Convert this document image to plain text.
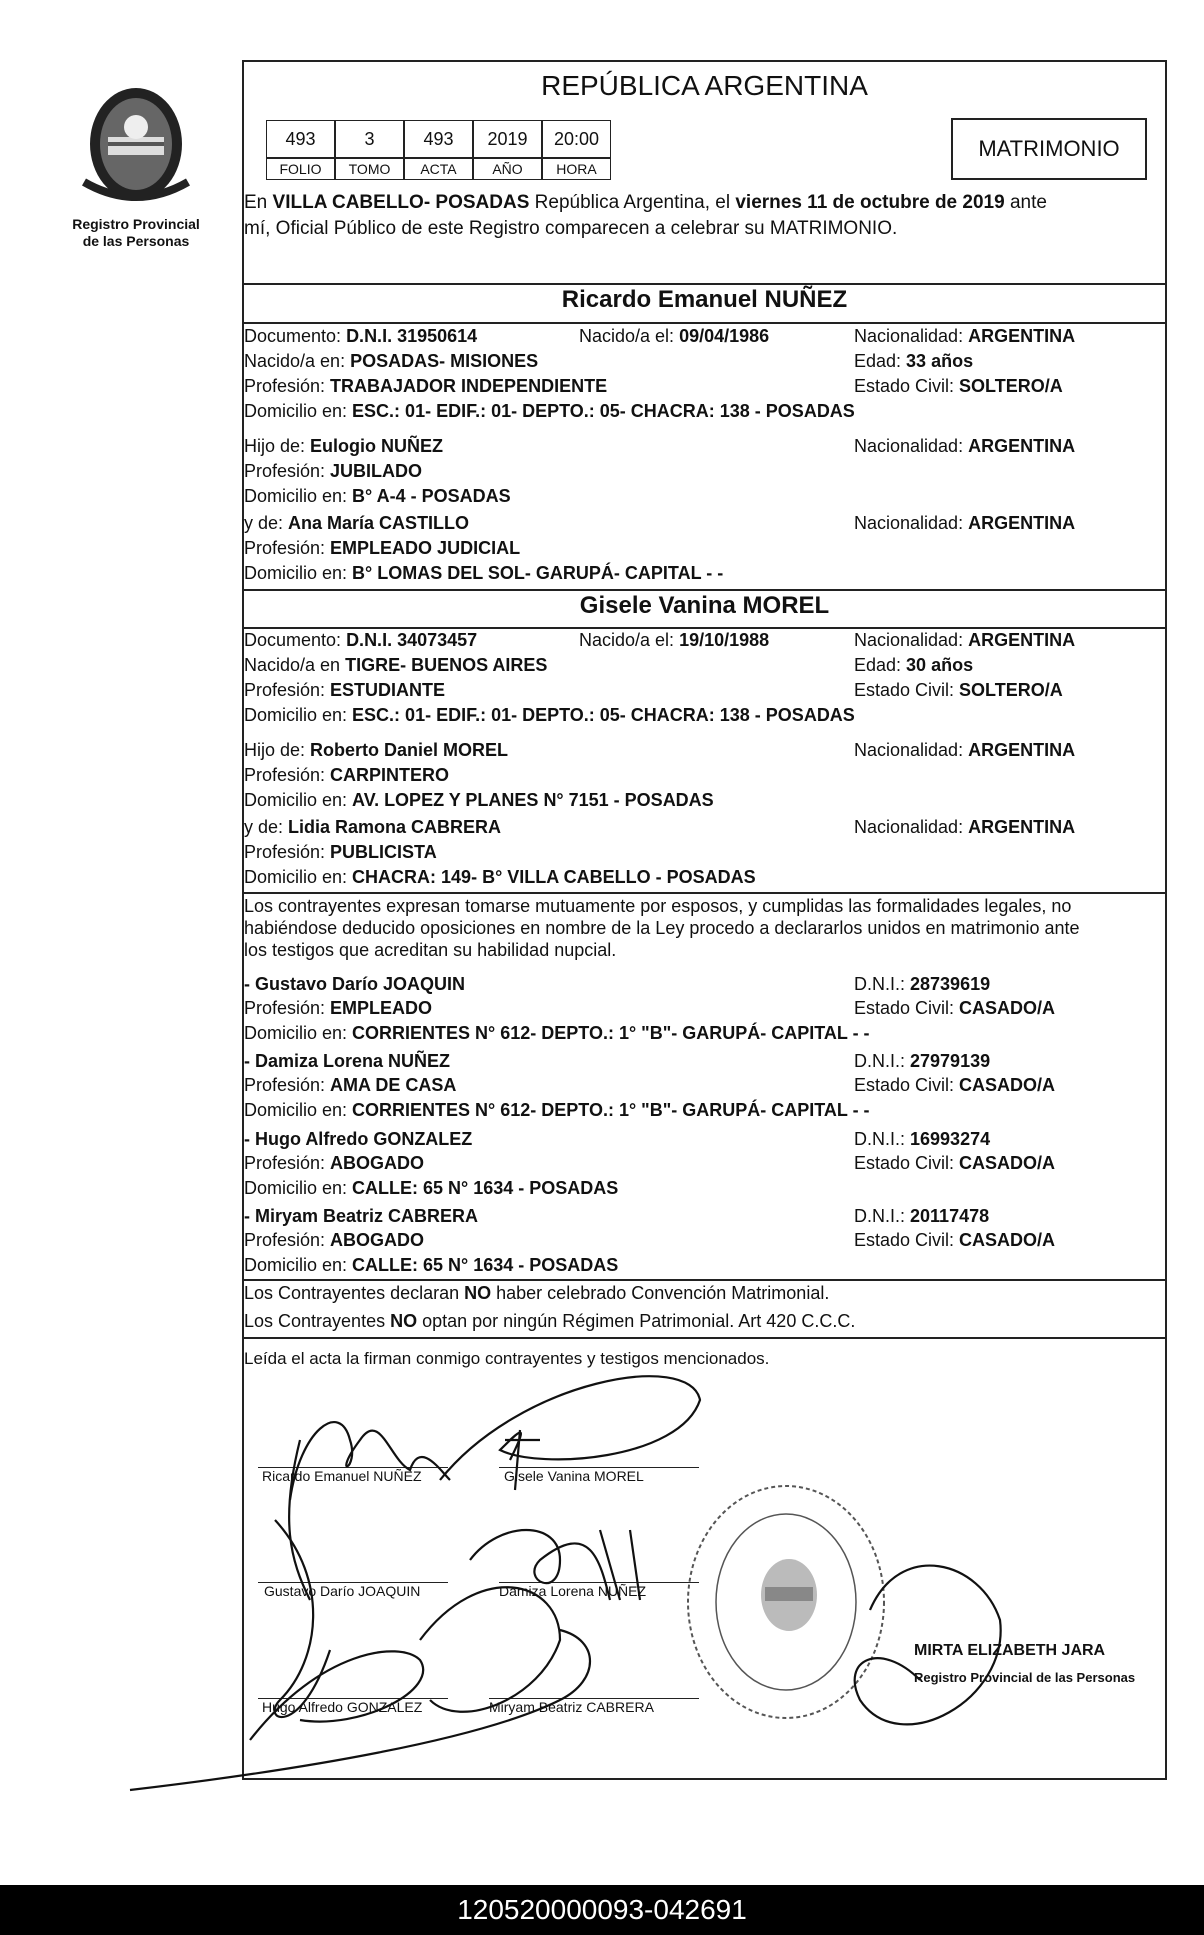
Registro Provincial
de las Personas
REPÚBLICA ARGENTINA
493	3	493	2019	20:00
FOLIO	TOMO	ACTA	AÑO	HORA
MATRIMONIO
En VILLA CABELLO- POSADAS República Argentina, el viernes 11 de octubre de 2019 ante
mí, Oficial Público de este Registro comparecen a celebrar su MATRIMONIO.
Ricardo Emanuel NUÑEZ
Documento: D.N.I. 31950614	Nacido/a el: 09/04/1986	Nacionalidad: ARGENTINA
Nacido/a en: POSADAS- MISIONES	Edad: 33 años
Profesión: TRABAJADOR INDEPENDIENTE	Estado Civil: SOLTERO/A
Domicilio en: ESC.: 01- EDIF.: 01- DEPTO.: 05- CHACRA: 138 - POSADAS
Hijo de: Eulogio NUÑEZ	Nacionalidad: ARGENTINA
Profesión: JUBILADO
Domicilio en: B° A-4 - POSADAS
y de: Ana María CASTILLO	Nacionalidad: ARGENTINA
Profesión: EMPLEADO JUDICIAL
Domicilio en: B° LOMAS DEL SOL- GARUPÁ- CAPITAL - -
Gisele Vanina MOREL
Documento: D.N.I. 34073457	Nacido/a el: 19/10/1988	Nacionalidad: ARGENTINA
Nacido/a en TIGRE- BUENOS AIRES	Edad: 30 años
Profesión: ESTUDIANTE	Estado Civil: SOLTERO/A
Domicilio en: ESC.: 01- EDIF.: 01- DEPTO.: 05- CHACRA: 138 - POSADAS
Hijo de: Roberto Daniel MOREL	Nacionalidad: ARGENTINA
Profesión: CARPINTERO
Domicilio en: AV. LOPEZ Y PLANES N° 7151 - POSADAS
y de: Lidia Ramona CABRERA	Nacionalidad: ARGENTINA
Profesión: PUBLICISTA
Domicilio en: CHACRA: 149- B° VILLA CABELLO - POSADAS
Los contrayentes expresan tomarse mutuamente por esposos, y cumplidas las formalidades legales, no
habiéndose deducido oposiciones en nombre de la Ley procedo a declararlos unidos en matrimonio ante
los testigos que acreditan su habilidad nupcial.
- Gustavo Darío JOAQUIN	D.N.I.: 28739619
Profesión: EMPLEADO	Estado Civil: CASADO/A
Domicilio en: CORRIENTES N° 612- DEPTO.: 1° "B"- GARUPÁ- CAPITAL - -
- Damiza Lorena NUÑEZ	D.N.I.: 27979139
Profesión: AMA DE CASA	Estado Civil: CASADO/A
Domicilio en: CORRIENTES N° 612- DEPTO.: 1° "B"- GARUPÁ- CAPITAL - -
- Hugo Alfredo GONZALEZ	D.N.I.: 16993274
Profesión: ABOGADO	Estado Civil: CASADO/A
Domicilio en: CALLE: 65 N° 1634 - POSADAS
- Miryam Beatriz CABRERA	D.N.I.: 20117478
Profesión: ABOGADO	Estado Civil: CASADO/A
Domicilio en: CALLE: 65 N° 1634 - POSADAS
Los Contrayentes declaran NO haber celebrado Convención Matrimonial.
Los Contrayentes NO optan por ningún Régimen Patrimonial. Art 420 C.C.C.
Leída el acta la firman conmigo contrayentes y testigos mencionados.
Ricardo Emanuel NUÑEZ	Gisele Vanina MOREL
Gustavo Darío JOAQUIN	Damiza Lorena NUÑEZ
Hugo Alfredo GONZALEZ	Miryam Beatriz CABRERA
MIRTA ELIZABETH JARA
Registro Provincial de las Personas
120520000093-042691
